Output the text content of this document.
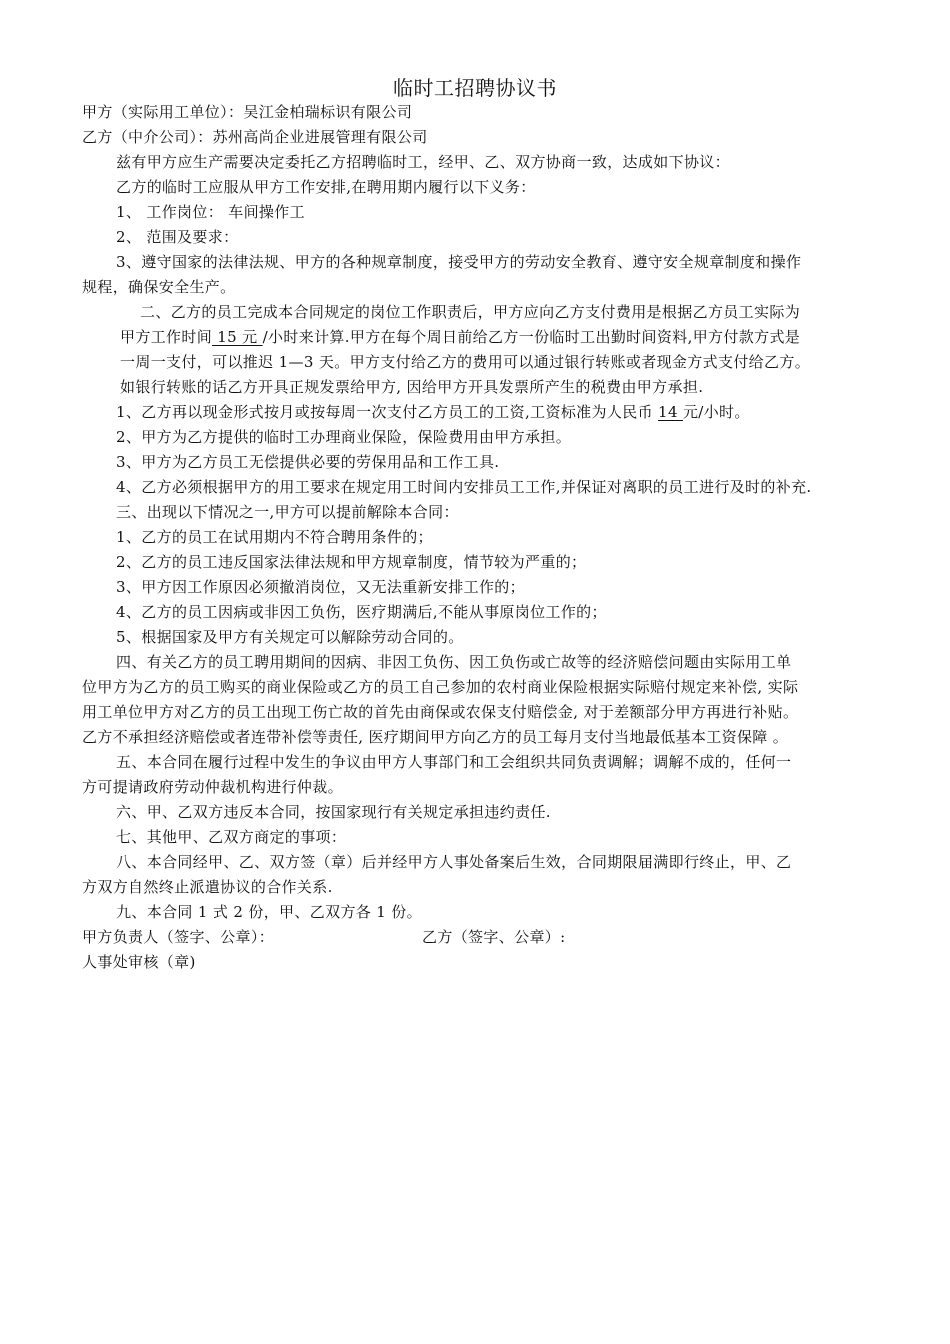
临时工招聘协议书
甲方（实际用工单位）：吴江金柏瑞标识有限公司
乙方（中介公司）：苏州高尚企业进展管理有限公司
兹有甲方应生产需要决定委托乙方招聘临时工，经甲、乙、双方协商一致，达成如下协议：
乙方的临时工应服从甲方工作安排,在聘用期内履行以下义务：
1、 工作岗位： 车间操作工
2、 范围及要求：
3、遵守国家的法律法规、甲方的各种规章制度，接受甲方的劳动安全教育、遵守安全规章制度和操作
规程，确保安全生产。
二、乙方的员工完成本合同规定的岗位工作职责后，甲方应向乙方支付费用是根据乙方员工实际为
甲方工作时间 15 元 /小时来计算.甲方在每个周日前给乙方一份临时工出勤时间资料,甲方付款方式是
一周一支付，可以推迟 1—3 天。甲方支付给乙方的费用可以通过银行转账或者现金方式支付给乙方。
如银行转账的话乙方开具正规发票给甲方, 因给甲方开具发票所产生的税费由甲方承担.
1、乙方再以现金形式按月或按每周一次支付乙方员工的工资,工资标准为人民币 14 元/小时。
2、甲方为乙方提供的临时工办理商业保险，保险费用由甲方承担。
3、甲方为乙方员工无偿提供必要的劳保用品和工作工具.
4、乙方必须根据甲方的用工要求在规定用工时间内安排员工工作,并保证对离职的员工进行及时的补充.
三、出现以下情况之一,甲方可以提前解除本合同：
1、乙方的员工在试用期内不符合聘用条件的；
2、乙方的员工违反国家法律法规和甲方规章制度，情节较为严重的；
3、甲方因工作原因必须撤消岗位，又无法重新安排工作的；
4、乙方的员工因病或非因工负伤，医疗期满后,不能从事原岗位工作的；
5、根据国家及甲方有关规定可以解除劳动合同的。
四、有关乙方的员工聘用期间的因病、非因工负伤、因工负伤或亡故等的经济赔偿问题由实际用工单
位甲方为乙方的员工购买的商业保险或乙方的员工自己参加的农村商业保险根据实际赔付规定来补偿, 实际
用工单位甲方对乙方的员工出现工伤亡故的首先由商保或农保支付赔偿金, 对于差额部分甲方再进行补贴。
乙方不承担经济赔偿或者连带补偿等责任, 医疗期间甲方向乙方的员工每月支付当地最低基本工资保障 。
五、本合同在履行过程中发生的争议由甲方人事部门和工会组织共同负责调解；调解不成的，任何一
方可提请政府劳动仲裁机构进行仲裁。
六、甲、乙双方违反本合同，按国家现行有关规定承担违约责任.
七、其他甲、乙双方商定的事项：
八、本合同经甲、乙、双方签（章）后并经甲方人事处备案后生效，合同期限届满即行终止，甲、乙
方双方自然终止派遣协议的合作关系.
九、本合同 1 式 2 份，甲、乙双方各 1 份。
甲方负责人（签字、公章）：	乙方（签字、公章）:
人事处审核（章)
